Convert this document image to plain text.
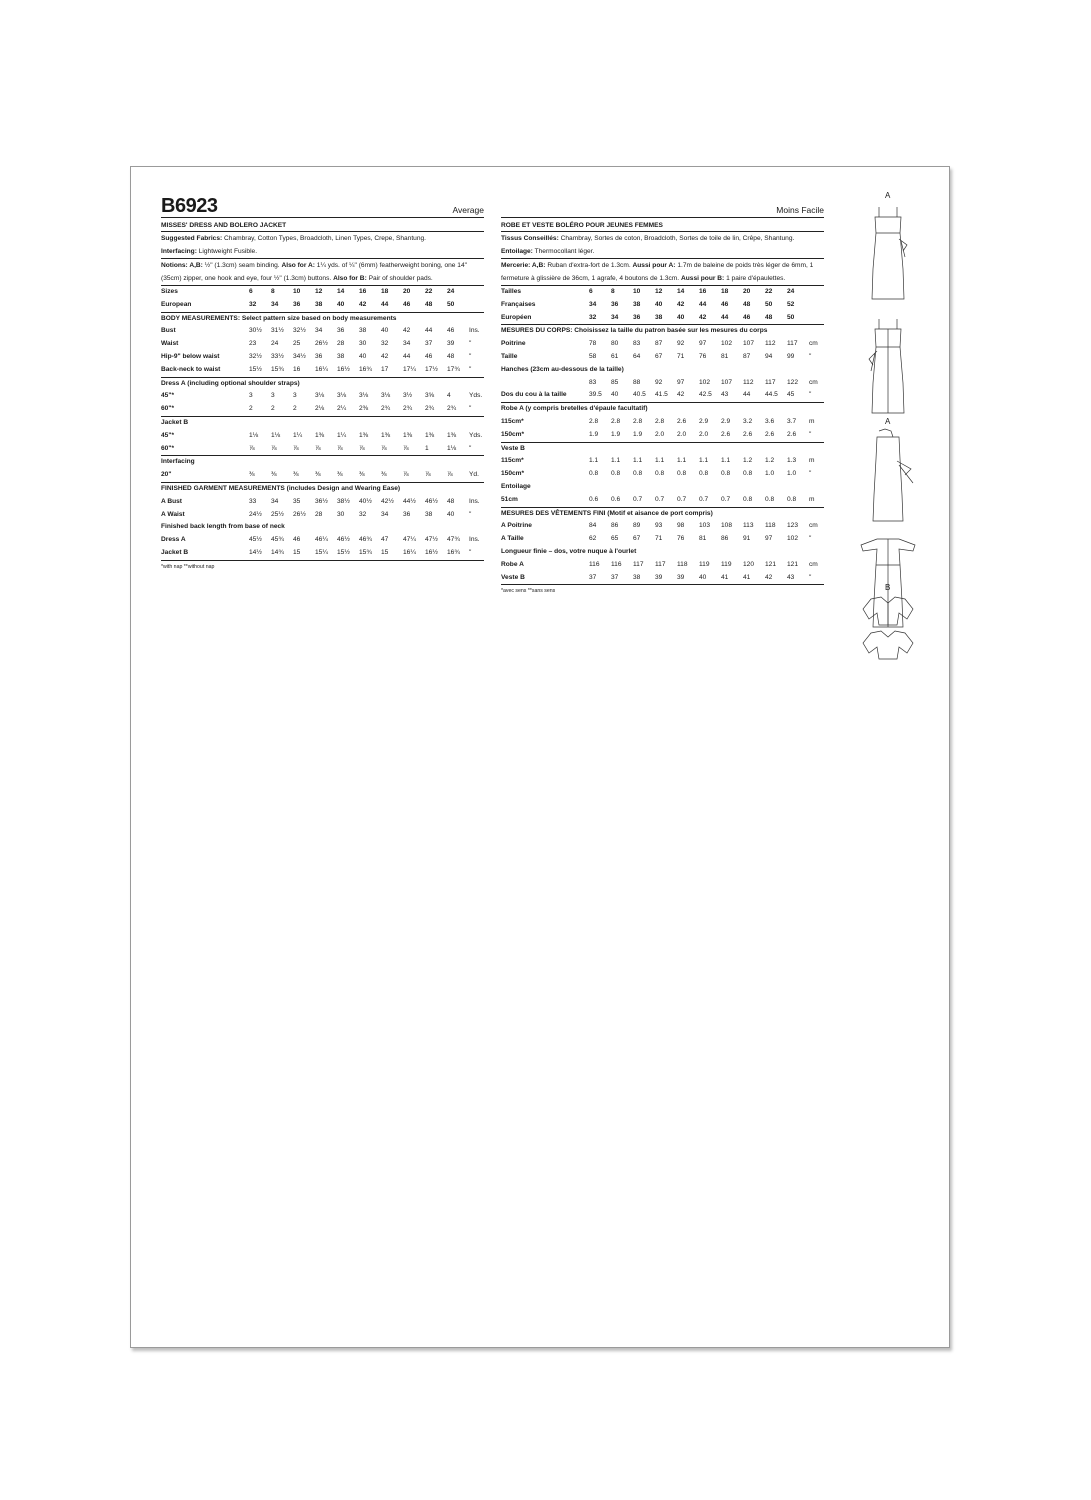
B6923	Average
MISSES' DRESS AND BOLERO JACKET
Suggested Fabrics: Chambray, Cotton Types, Broadcloth, Linen Types, Crepe, Shantung.
Interfacing: Lightweight Fusible.
Notions: A,B: ½" (1.3cm) seam binding. Also for A: 1¼ yds. of ¼" (6mm) featherweight boning, one 14" (35cm) zipper, one hook and eye, four ½" (1.3cm) buttons. Also for B: Pair of shoulder pads.
Sizes	6	8	10	12	14	16	18	20	22	24	
European	32	34	36	38	40	42	44	46	48	50	
BODY MEASUREMENTS: Select pattern size based on body measurements											
Bust	30½	31½	32½	34	36	38	40	42	44	46	Ins.
Waist	23	24	25	26½	28	30	32	34	37	39	"
Hip-9" below waist	32½	33½	34½	36	38	40	42	44	46	48	"
Back-neck to waist	15½	15¾	16	16¼	16½	16¾	17	17¼	17½	17¾	"
Dress A (including optional shoulder straps)											
45"*	3	3	3	3⅛	3⅛	3⅛	3⅛	3½	3⅝	4	Yds.
60"*	2	2	2	2⅛	2¼	2⅜	2¾	2¾	2¾	2¾	"
Jacket B											
45"*	1⅛	1⅛	1¼	1⅜	1¼	1⅜	1⅜	1⅜	1⅜	1⅜	Yds.
60"*	⅞	⅞	⅞	⅞	⅞	⅞	⅞	⅞	1	1⅛	"
Interfacing											
20"	⅜	⅜	⅜	⅜	⅜	⅜	⅜	⅞	⅞	⅞	Yd.
FINISHED GARMENT MEASUREMENTS (includes Design and Wearing Ease)											
A Bust	33	34	35	36½	38½	40½	42½	44½	46½	48	Ins.
A Waist	24½	25½	26½	28	30	32	34	36	38	40	"
Finished back length from base of neck											
Dress A	45½	45¾	46	46¼	46½	46¾	47	47¼	47½	47¾	Ins.
Jacket B	14½	14¾	15	15¼	15½	15¾	15	16¼	16½	16¾	"
*with nap **without nap
Moins Facile
ROBE ET VESTE BOLÉRO POUR JEUNES FEMMES
Tissus Conseillés: Chambray, Sortes de coton, Broadcloth, Sortes de toile de lin, Crêpe, Shantung.
Entoilage: Thermocollant léger.
Mercerie: A,B: Ruban d'extra-fort de 1.3cm. Aussi pour A: 1.7m de baleine de poids très léger de 6mm, 1 fermeture à glissière de 36cm, 1 agrafe, 4 boutons de 1.3cm. Aussi pour B: 1 paire d'épaulettes.
Tailles	6	8	10	12	14	16	18	20	22	24	
Françaises	34	36	38	40	42	44	46	48	50	52	
Européen	32	34	36	38	40	42	44	46	48	50	
MESURES DU CORPS: Choisissez la taille du patron basée sur les mesures du corps											
Poitrine	78	80	83	87	92	97	102	107	112	117	cm
Taille	58	61	64	67	71	76	81	87	94	99	"
Hanches (23cm au-dessous de la taille)											
	83	85	88	92	97	102	107	112	117	122	cm
Dos du cou à la taille	39.5	40	40.5	41.5	42	42.5	43	44	44.5	45	"
Robe A (y compris bretelles d'épaule facultatif)											
115cm*	2.8	2.8	2.8	2.8	2.6	2.9	2.9	3.2	3.6	3.7	m
150cm*	1.9	1.9	1.9	2.0	2.0	2.0	2.6	2.6	2.6	2.6	"
Veste B											
115cm*	1.1	1.1	1.1	1.1	1.1	1.1	1.1	1.2	1.2	1.3	m
150cm*	0.8	0.8	0.8	0.8	0.8	0.8	0.8	0.8	1.0	1.0	"
Entoilage											
51cm	0.6	0.6	0.7	0.7	0.7	0.7	0.7	0.8	0.8	0.8	m
MESURES DES VÊTEMENTS FINI (Motif et aisance de port compris)											
A Poitrine	84	86	89	93	98	103	108	113	118	123	cm
A Taille	62	65	67	71	76	81	86	91	97	102	"
Longueur finie – dos, votre nuque à l'ourlet											
Robe A	116	116	117	117	118	119	119	120	121	121	cm
Veste B	37	37	38	39	39	40	41	41	42	43	"
*avec sens **sans sens
A
A
B
